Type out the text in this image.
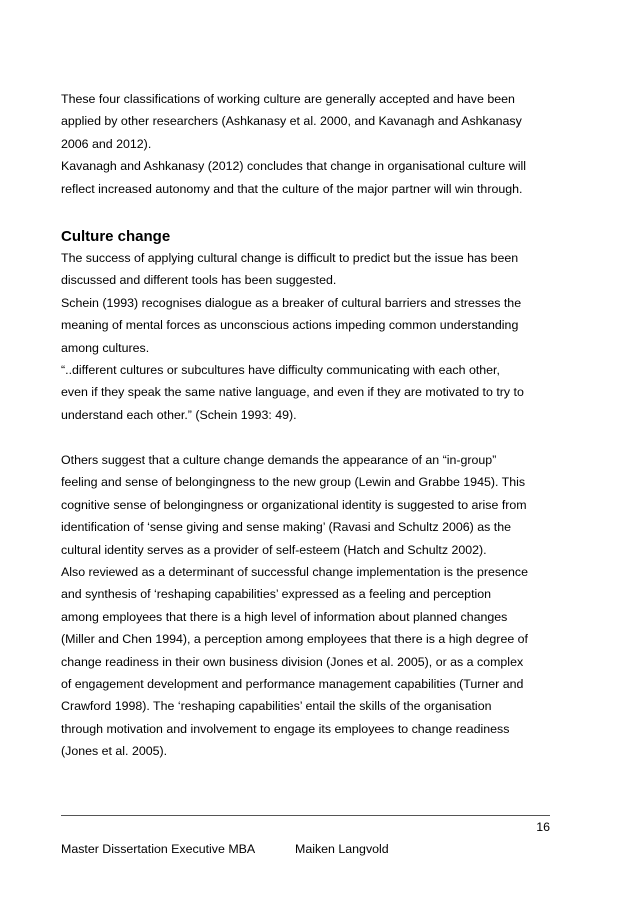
These four classifications of working culture are generally accepted and have been
applied by other researchers (Ashkanasy et al. 2000, and Kavanagh and Ashkanasy
2006 and 2012).
Kavanagh and Ashkanasy (2012) concludes that change in organisational culture will
reflect increased autonomy and that the culture of the major partner will win through.
Culture change
The success of applying cultural change is difficult to predict but the issue has been
discussed and different tools has been suggested.
Schein (1993) recognises dialogue as a breaker of cultural barriers and stresses the
meaning of mental forces as unconscious actions impeding common understanding
among cultures.
“..different cultures or subcultures have difficulty communicating with each other,
even if they speak the same native language, and even if they are motivated to try to
understand each other.” (Schein 1993: 49).
Others suggest that a culture change demands the appearance of an “in-group”
feeling and sense of belongingness to the new group (Lewin and Grabbe 1945). This
cognitive sense of belongingness or organizational identity is suggested to arise from
identification of ‘sense giving and sense making’ (Ravasi and Schultz 2006) as the
cultural identity serves as a provider of self-esteem (Hatch and Schultz 2002).
Also reviewed as a determinant of successful change implementation is the presence
and synthesis of ‘reshaping capabilities’ expressed as a feeling and perception
among employees that there is a high level of information about planned changes
(Miller and Chen 1994), a perception among employees that there is a high degree of
change readiness in their own business division (Jones et al. 2005), or as a complex
of engagement development and performance management capabilities (Turner and
Crawford 1998). The ‘reshaping capabilities’ entail the skills of the organisation
through motivation and involvement to engage its employees to change readiness
(Jones et al. 2005).
16
Master Dissertation Executive MBA	Maiken Langvold
